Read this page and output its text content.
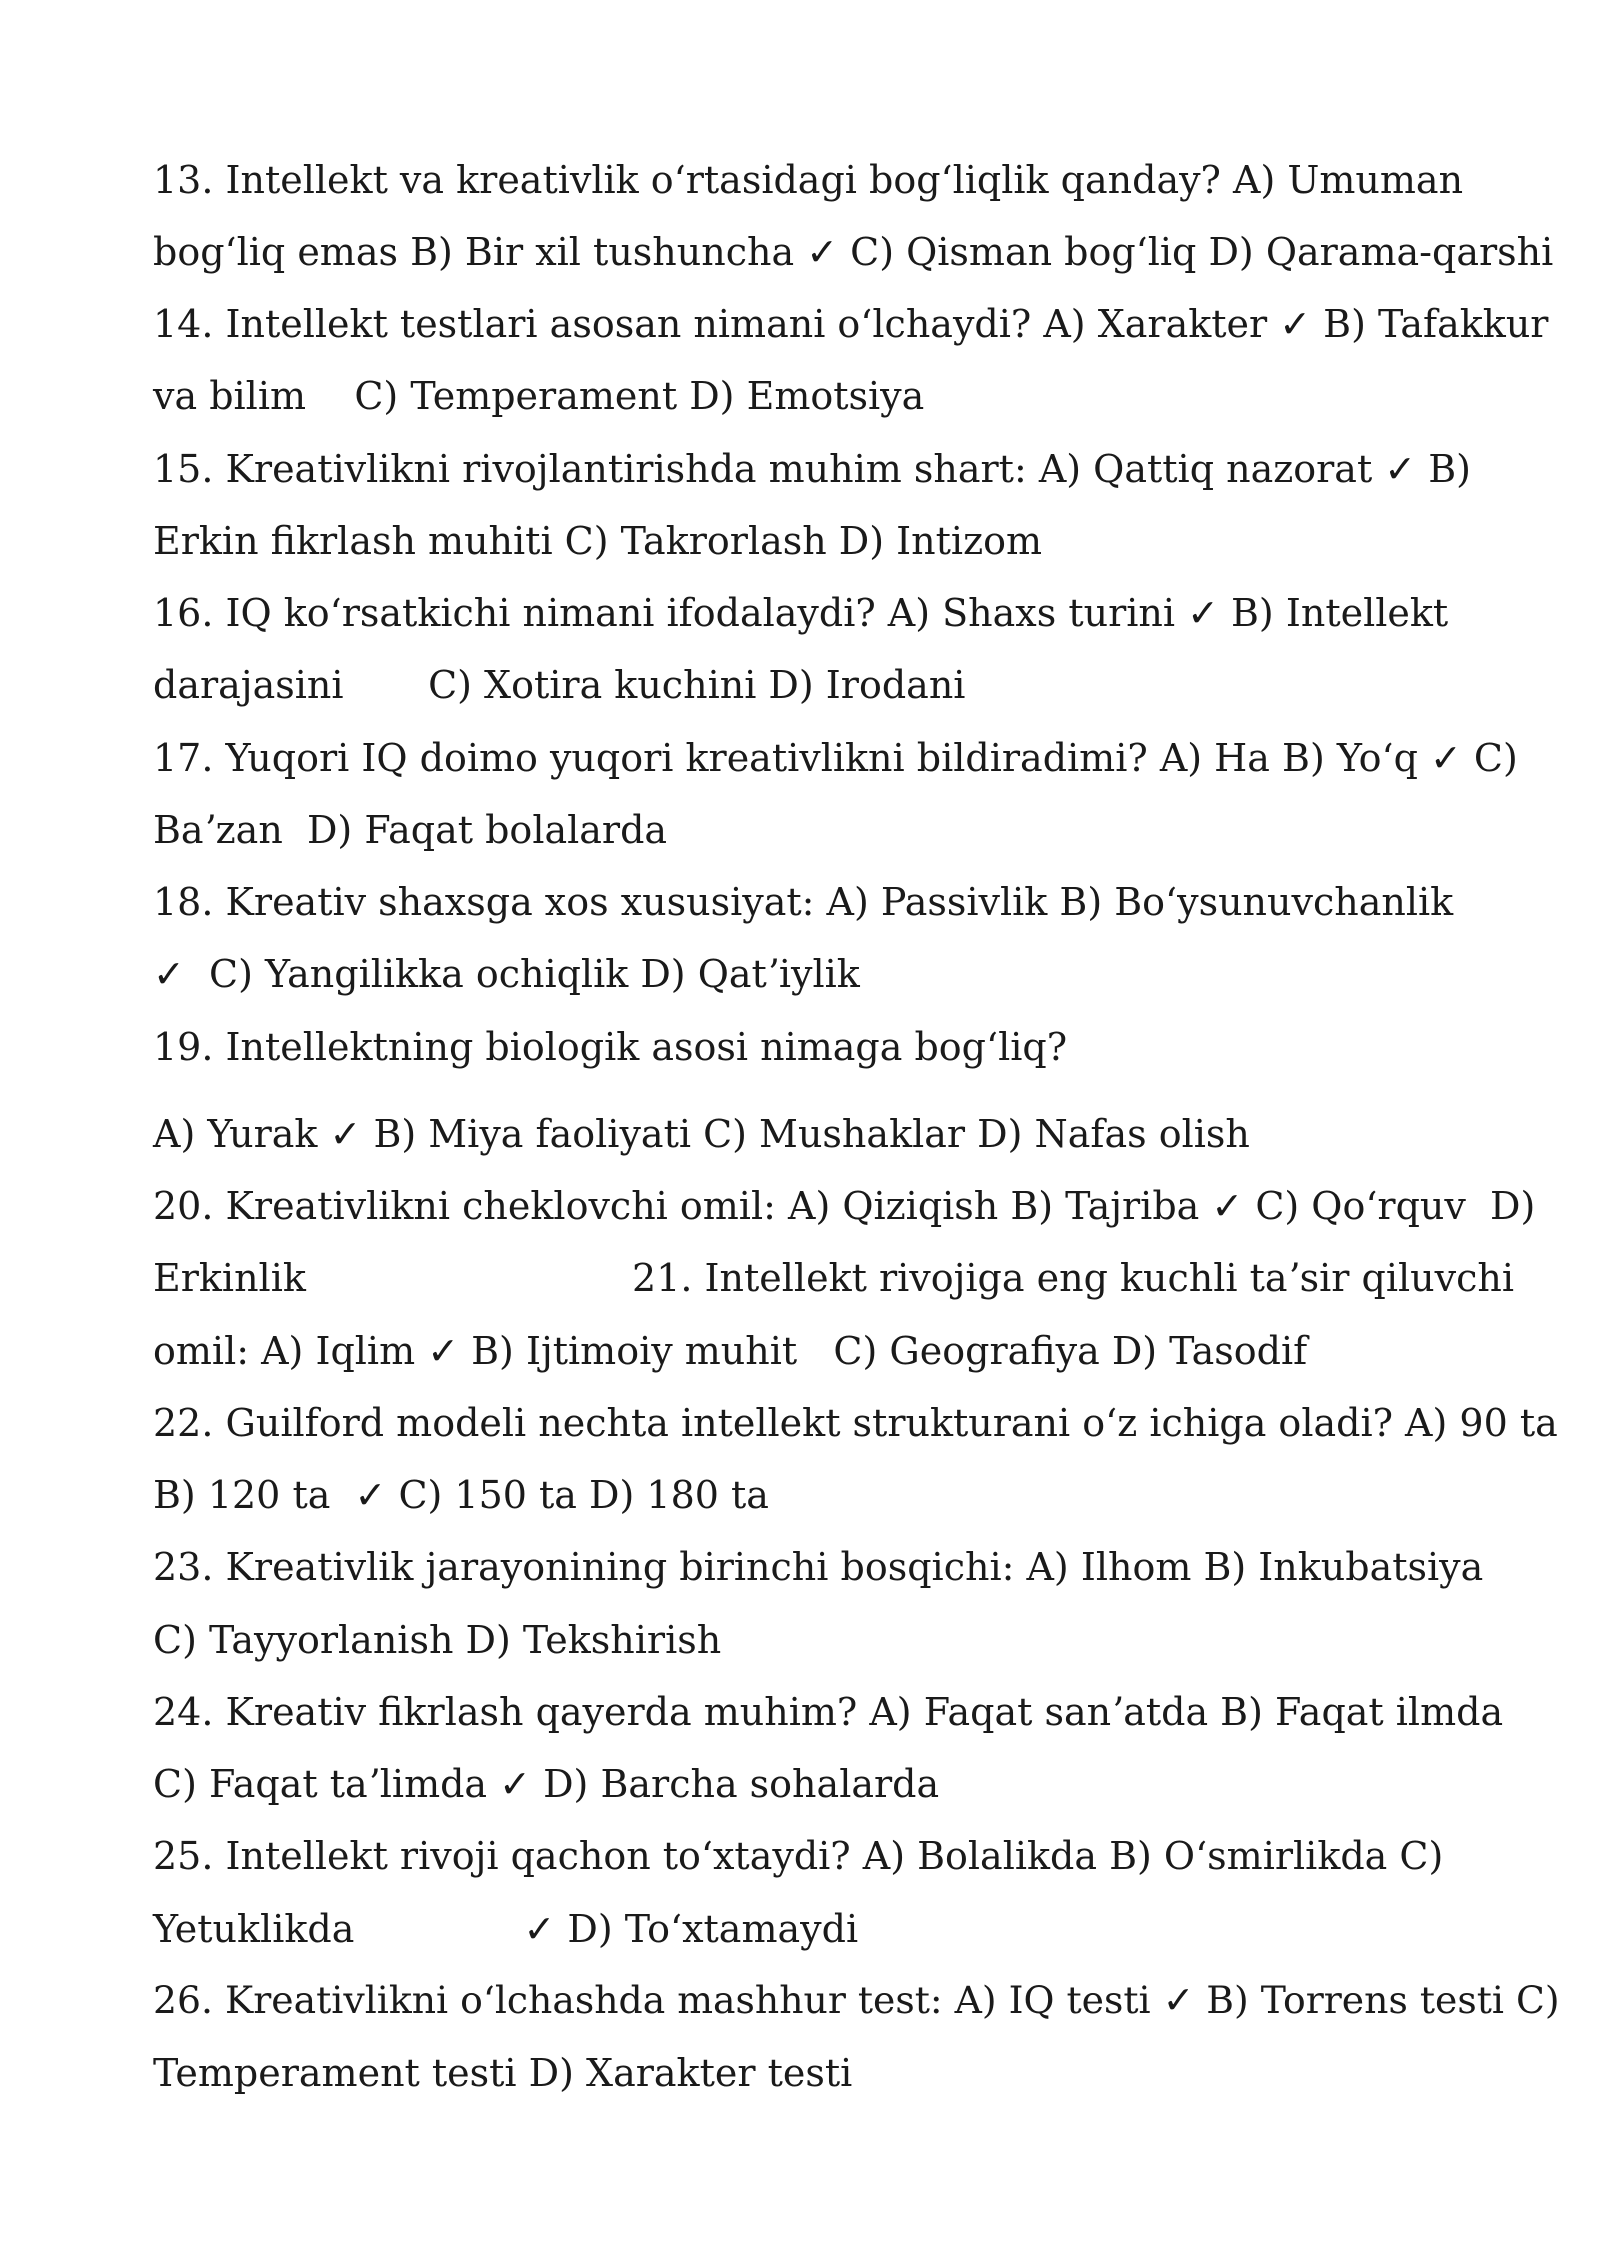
13. Intellekt va kreativlik oʻrtasidagi bogʻliqlik qanday? A) Umuman
bogʻliq emas B) Bir xil tushuncha ✓ C) Qisman bogʻliq D) Qarama-qarshi
14. Intellekt testlari asosan nimani oʻlchaydi? A) Xarakter ✓ B) Tafakkur
va bilim    C) Temperament D) Emotsiya
15. Kreativlikni rivojlantirishda muhim shart: A) Qattiq nazorat ✓ B)
Erkin fikrlash muhiti C) Takrorlash D) Intizom
16. IQ koʻrsatkichi nimani ifodalaydi? A) Shaxs turini ✓ B) Intellekt
darajasini       C) Xotira kuchini D) Irodani
17. Yuqori IQ doimo yuqori kreativlikni bildiradimi? A) Ha B) Yoʻq ✓ C)
Baʼzan  D) Faqat bolalarda
18. Kreativ shaxsga xos xususiyat: A) Passivlik B) Boʻysunuvchanlik
✓  C) Yangilikka ochiqlik D) Qatʼiylik
19. Intellektning biologik asosi nimaga bogʻliq?
A) Yurak ✓ B) Miya faoliyati C) Mushaklar D) Nafas olish
20. Kreativlikni cheklovchi omil: A) Qiziqish B) Tajriba ✓ C) Qoʻrquv  D)
Erkinlik                           21. Intellekt rivojiga eng kuchli taʼsir qiluvchi
omil: A) Iqlim ✓ B) Ijtimoiy muhit   C) Geografiya D) Tasodif
22. Guilford modeli nechta intellekt strukturani oʻz ichiga oladi? A) 90 ta
B) 120 ta  ✓ C) 150 ta D) 180 ta
23. Kreativlik jarayonining birinchi bosqichi: A) Ilhom B) Inkubatsiya
C) Tayyorlanish D) Tekshirish
24. Kreativ fikrlash qayerda muhim? A) Faqat sanʼatda B) Faqat ilmda
C) Faqat taʼlimda ✓ D) Barcha sohalarda
25. Intellekt rivoji qachon toʻxtaydi? A) Bolalikda B) Oʻsmirlikda C)
Yetuklikda              ✓ D) Toʻxtamaydi
26. Kreativlikni oʻlchashda mashhur test: A) IQ testi ✓ B) Torrens testi C)
Temperament testi D) Xarakter testi
